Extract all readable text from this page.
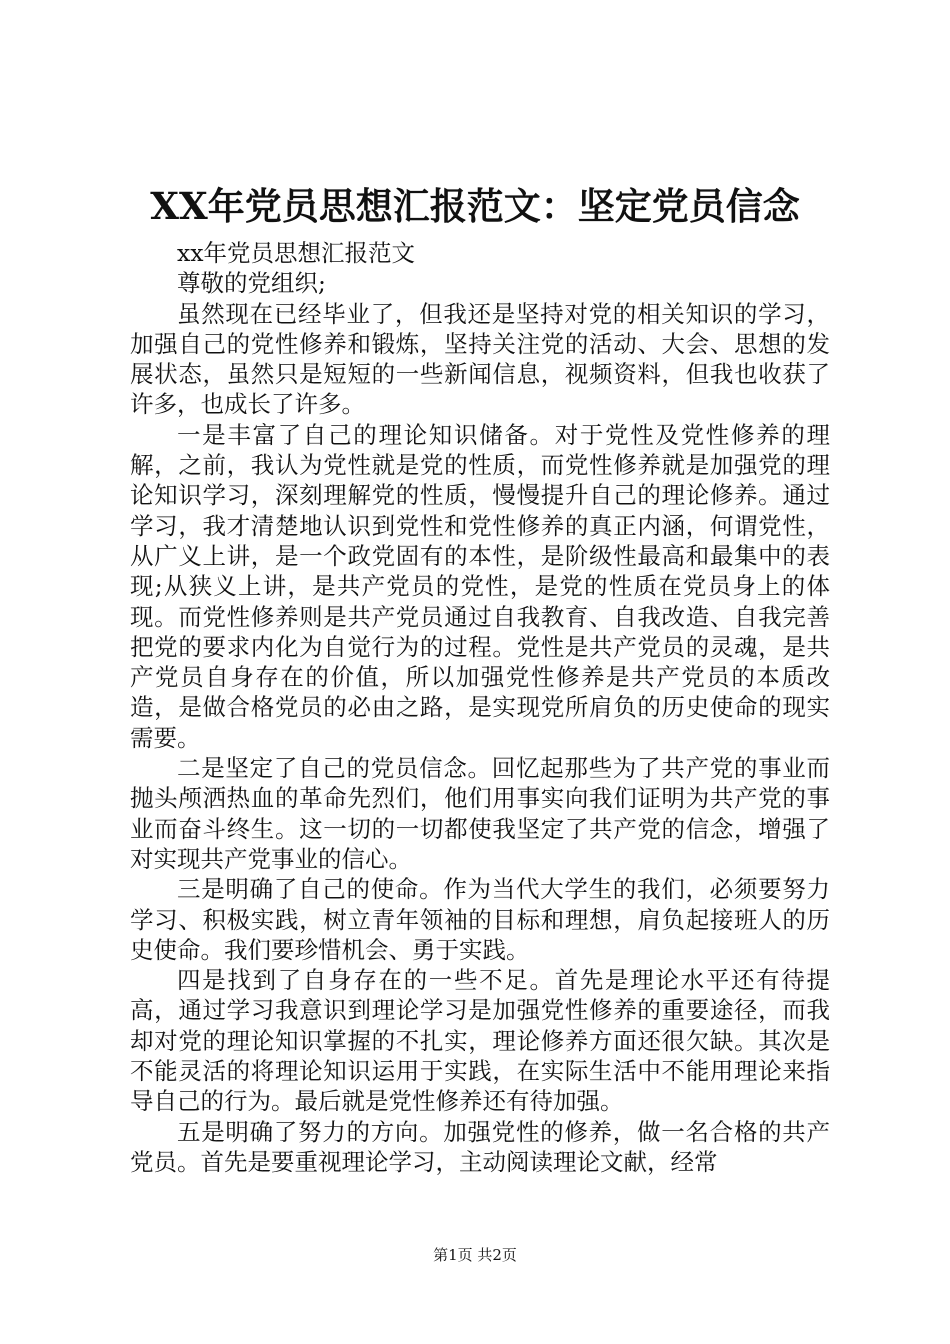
XX年党员思想汇报范文：坚定党员信念

xx年党员思想汇报范文

尊敬的党组织;

虽然现在已经毕业了，但我还是坚持对党的相关知识的学习，加强自己的党性修养和锻炼，坚持关注党的活动、大会、思想的发展状态，虽然只是短短的一些新闻信息，视频资料，但我也收获了许多，也成长了许多。

一是丰富了自己的理论知识储备。对于党性及党性修养的理解，之前，我认为党性就是党的性质，而党性修养就是加强党的理论知识学习，深刻理解党的性质，慢慢提升自己的理论修养。通过学习，我才清楚地认识到党性和党性修养的真正内涵，何谓党性，从广义上讲，是一个政党固有的本性，是阶级性最高和最集中的表现;从狭义上讲，是共产党员的党性，是党的性质在党员身上的体现。而党性修养则是共产党员通过自我教育、自我改造、自我完善把党的要求内化为自觉行为的过程。党性是共产党员的灵魂，是共产党员自身存在的价值，所以加强党性修养是共产党员的本质改造，是做合格党员的必由之路，是实现党所肩负的历史使命的现实需要。

二是坚定了自己的党员信念。回忆起那些为了共产党的事业而抛头颅洒热血的革命先烈们，他们用事实向我们证明为共产党的事业而奋斗终生。这一切的一切都使我坚定了共产党的信念，增强了对实现共产党事业的信心。

三是明确了自己的使命。作为当代大学生的我们，必须要努力学习、积极实践，树立青年领袖的目标和理想，肩负起接班人的历史使命。我们要珍惜机会、勇于实践。

四是找到了自身存在的一些不足。首先是理论水平还有待提高，通过学习我意识到理论学习是加强党性修养的重要途径，而我却对党的理论知识掌握的不扎实，理论修养方面还很欠缺。其次是不能灵活的将理论知识运用于实践，在实际生活中不能用理论来指导自己的行为。最后就是党性修养还有待加强。

五是明确了努力的方向。加强党性的修养，做一名合格的共产党员。首先是要重视理论学习，主动阅读理论文献，经常

第1页 共2页
